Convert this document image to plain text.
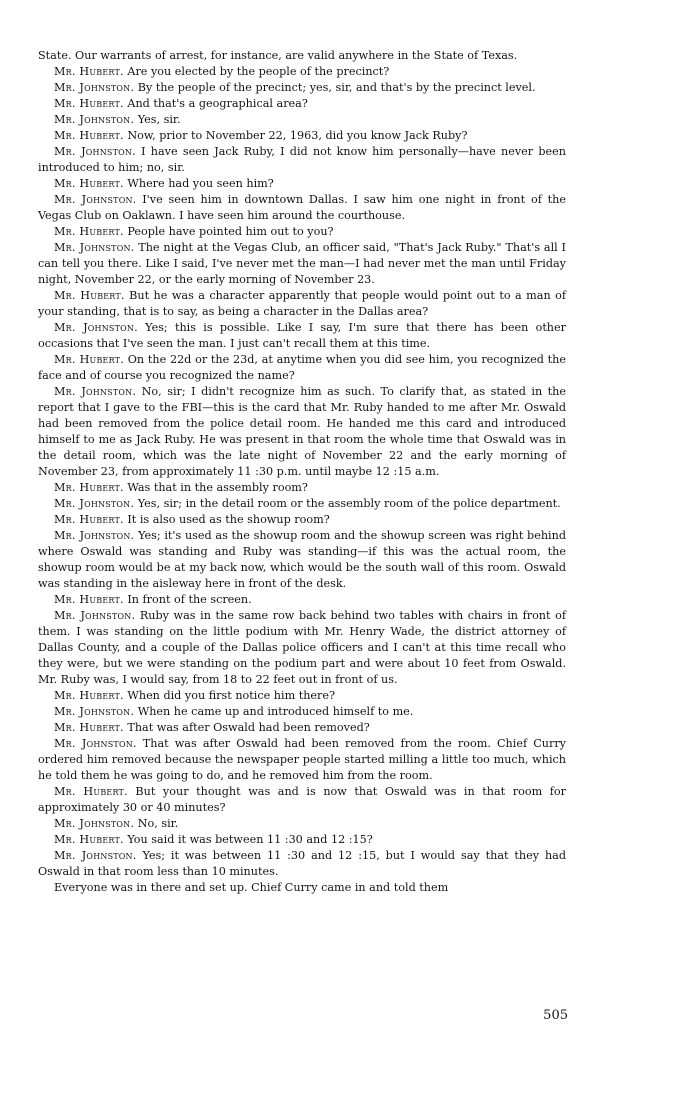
State. Our warrants of arrest, for instance, are valid anywhere in the State of Texas.

Mr. Hubert. Are you elected by the people of the precinct?

Mr. Johnston. By the people of the precinct; yes, sir, and that's by the precinct level.

Mr. Hubert. And that's a geographical area?

Mr. Johnston. Yes, sir.

Mr. Hubert. Now, prior to November 22, 1963, did you know Jack Ruby?

Mr. Johnston. I have seen Jack Ruby, I did not know him personally—have never been introduced to him; no, sir.

Mr. Hubert. Where had you seen him?

Mr. Johnston. I've seen him in downtown Dallas. I saw him one night in front of the Vegas Club on Oaklawn. I have seen him around the courthouse.

Mr. Hubert. People have pointed him out to you?

Mr. Johnston. The night at the Vegas Club, an officer said, "That's Jack Ruby." That's all I can tell you there. Like I said, I've never met the man—I had never met the man until Friday night, November 22, or the early morning of November 23.

Mr. Hubert. But he was a character apparently that people would point out to a man of your standing, that is to say, as being a character in the Dallas area?

Mr. Johnston. Yes; this is possible. Like I say, I'm sure that there has been other occasions that I've seen the man. I just can't recall them at this time.

Mr. Hubert. On the 22d or the 23d, at anytime when you did see him, you recognized the face and of course you recognized the name?

Mr. Johnston. No, sir; I didn't recognize him as such. To clarify that, as stated in the report that I gave to the FBI—this is the card that Mr. Ruby handed to me after Mr. Oswald had been removed from the police detail room. He handed me this card and introduced himself to me as Jack Ruby. He was present in that room the whole time that Oswald was in the detail room, which was the late night of November 22 and the early morning of November 23, from approximately 11 :30 p.m. until maybe 12 :15 a.m.

Mr. Hubert. Was that in the assembly room?

Mr. Johnston. Yes, sir; in the detail room or the assembly room of the police department.

Mr. Hubert. It is also used as the showup room?

Mr. Johnston. Yes; it's used as the showup room and the showup screen was right behind where Oswald was standing and Ruby was standing—if this was the actual room, the showup room would be at my back now, which would be the south wall of this room. Oswald was standing in the aisleway here in front of the desk.

Mr. Hubert. In front of the screen.

Mr. Johnston. Ruby was in the same row back behind two tables with chairs in front of them. I was standing on the little podium with Mr. Henry Wade, the district attorney of Dallas County, and a couple of the Dallas police officers and I can't at this time recall who they were, but we were standing on the podium part and were about 10 feet from Oswald. Mr. Ruby was, I would say, from 18 to 22 feet out in front of us.

Mr. Hubert. When did you first notice him there?

Mr. Johnston. When he came up and introduced himself to me.

Mr. Hubert. That was after Oswald had been removed?

Mr. Johnston. That was after Oswald had been removed from the room. Chief Curry ordered him removed because the newspaper people started milling a little too much, which he told them he was going to do, and he removed him from the room.

Mr. Hubert. But your thought was and is now that Oswald was in that room for approximately 30 or 40 minutes?

Mr. Johnston. No, sir.

Mr. Hubert. You said it was between 11 :30 and 12 :15?

Mr. Johnston. Yes; it was between 11 :30 and 12 :15, but I would say that they had Oswald in that room less than 10 minutes.

Everyone was in there and set up. Chief Curry came in and told them

505
